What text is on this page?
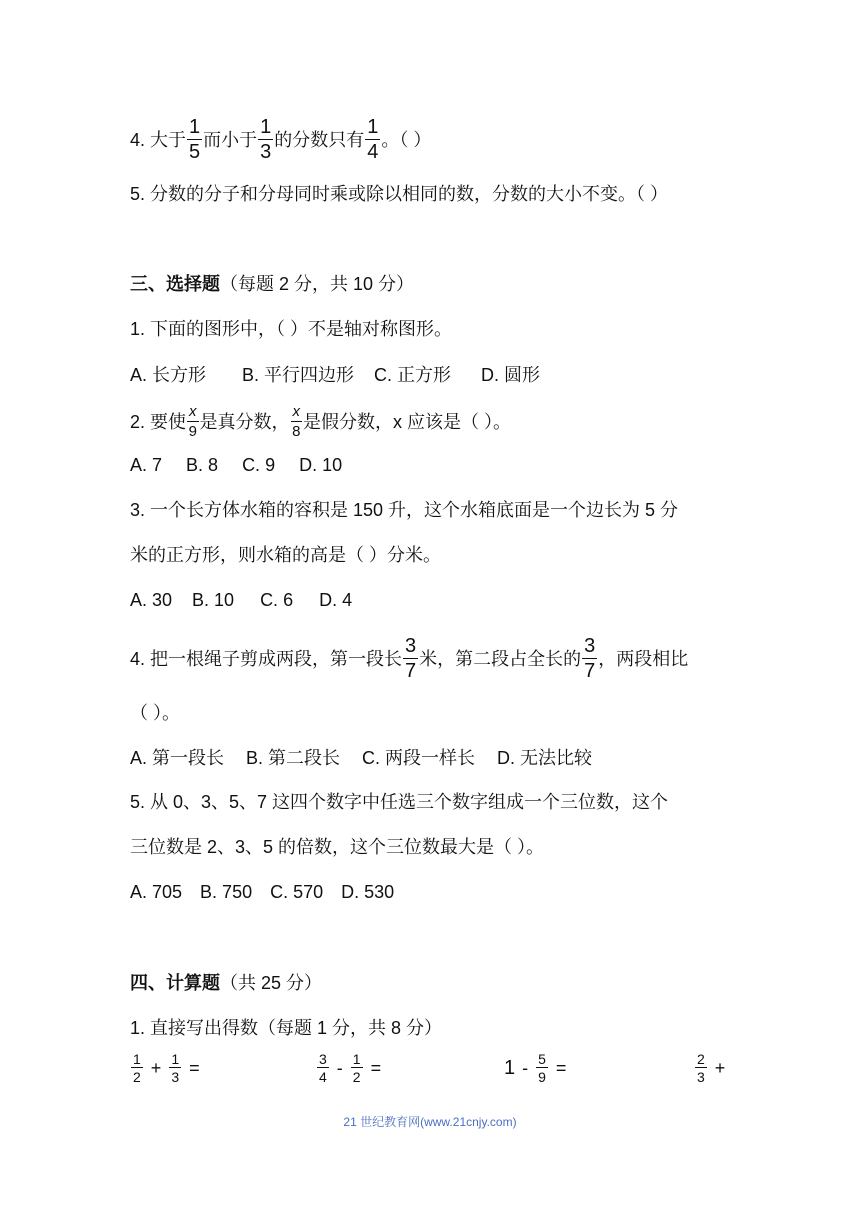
4. 大于 $\frac{1}{5}$ 而小于 $\frac{1}{3}$ 的分数只有 $\frac{1}{4}$ 。（ ）
5. 分数的分子和分母同时乘或除以相同的数，分数的大小不变。（ ）
三、选择题 （每题 2 分，共 10 分）
1. 下面的图形中，（ ）不是轴对称图形。
A. 长方形 B. 平行四边形 C. 正方形 D. 圆形
2. 要使 $\frac{x}{9}$ 是真分数， $\frac{x}{8}$ 是假分数，x 应该是（ ）。
A. 7 B. 8 C. 9 D. 10
3. 一个长方体水箱的容积是 150 升，这个水箱底面是一个边长为 5 分
米的正方形，则水箱的高是（ ）分米。
A. 30 B. 10 C. 6 D. 4
4. 把一根绳子剪成两段，第一段长 $\frac{3}{7}$ 米，第二段占全长的 $\frac{3}{7}$ ，两段相比
（ ）。
A. 第一段长 B. 第二段长 C. 两段一样长 D. 无法比较
5. 从 0、3、5、7 这四个数字中任选三个数字组成一个三位数，这个
三位数是 2、3、5 的倍数，这个三位数最大是（ ）。
A. 705 B. 750 C. 570 D. 530
四、计算题 （共 25 分）
1. 直接写出得数（每题 1 分，共 8 分）
$\frac{1}{2} + \frac{1}{3}$ =	$\frac{3}{4} - \frac{1}{2}$ =	$1 - \frac{5}{9}$ =	$\frac{2}{3}$ +
21 世纪教育网(www.21cnjy.com)
